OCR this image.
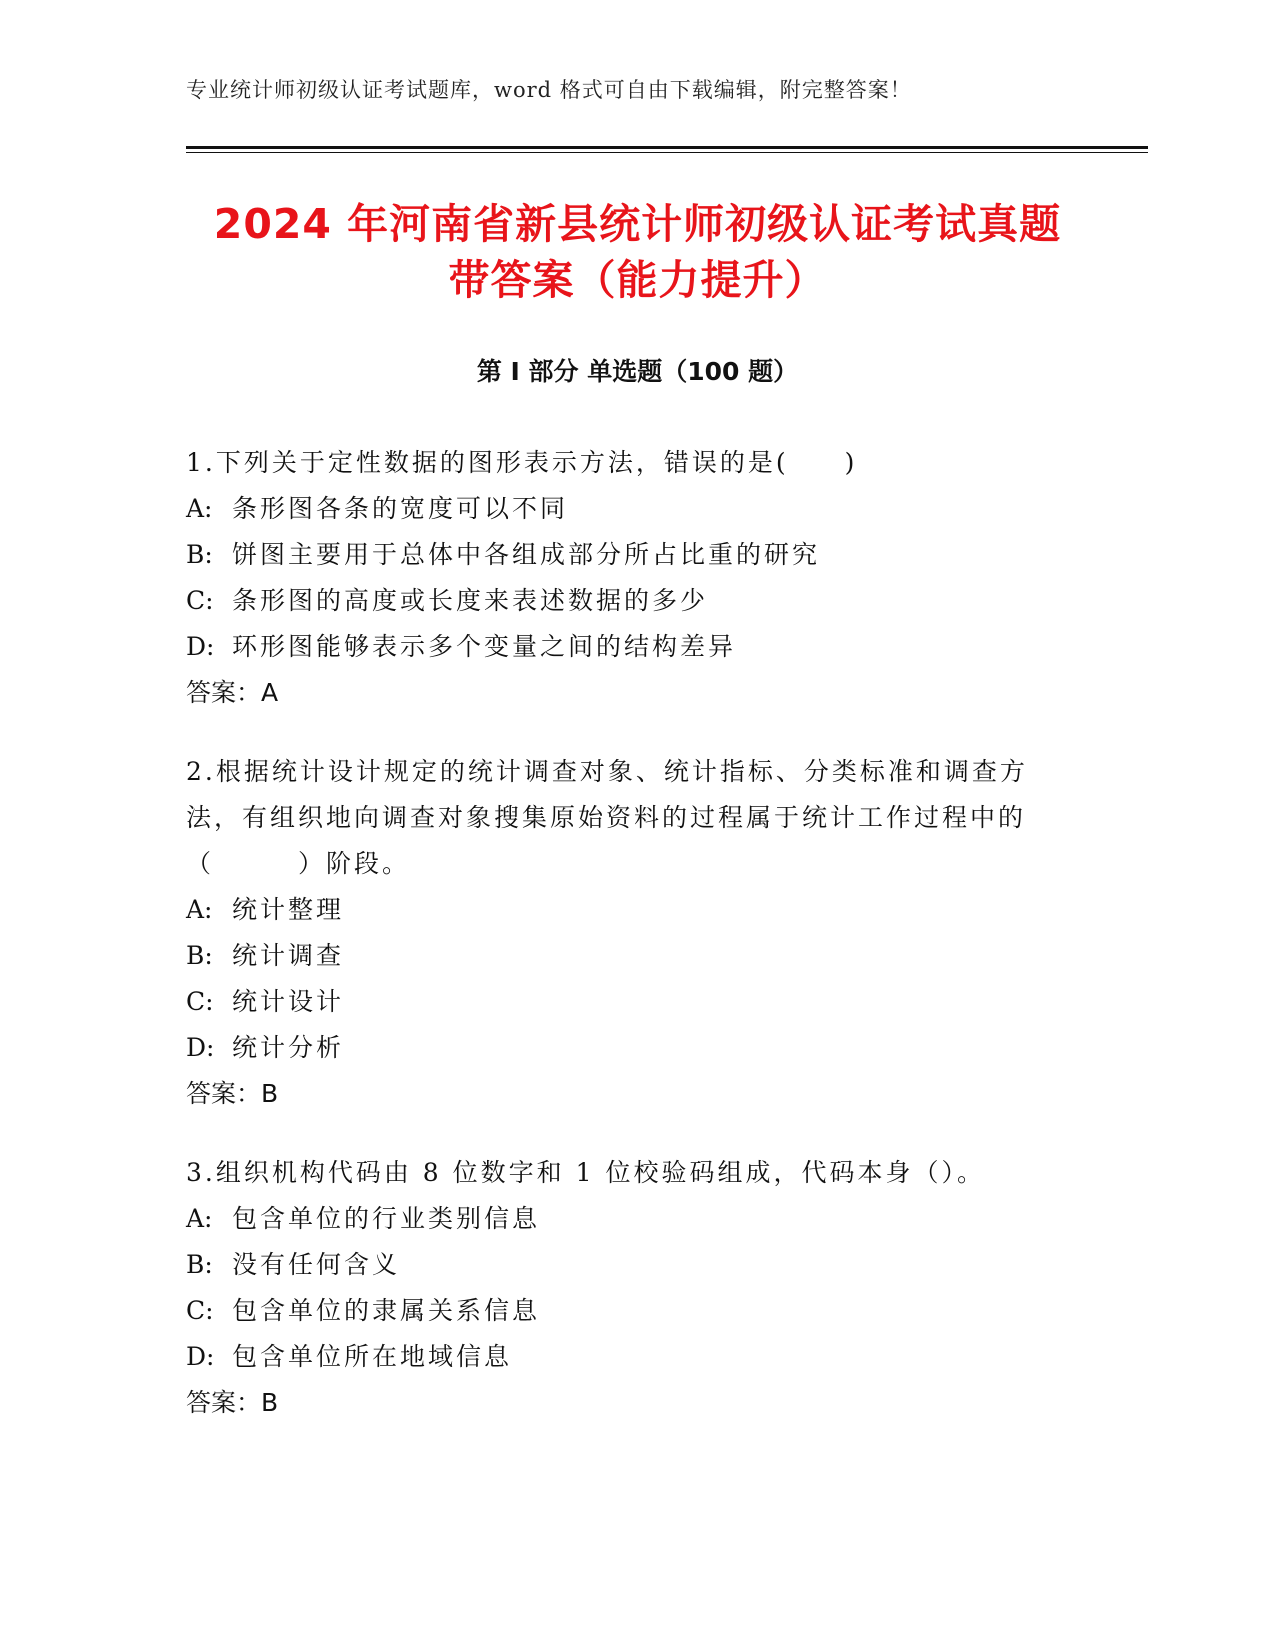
专业统计师初级认证考试题库，word 格式可自由下载编辑，附完整答案！
2024 年河南省新县统计师初级认证考试真题
带答案（能力提升）
第 I 部分 单选题（100 题）

1.下列关于定性数据的图形表示方法，错误的是(　　)

A: 条形图各条的宽度可以不同

B: 饼图主要用于总体中各组成部分所占比重的研究

C: 条形图的高度或长度来表述数据的多少

D: 环形图能够表示多个变量之间的结构差异

答案：A

2.根据统计设计规定的统计调查对象、统计指标、分类标准和调查方法，有组织地向调查对象搜集原始资料的过程属于统计工作过程中的（　　　）阶段。

A: 统计整理

B: 统计调查

C: 统计设计

D: 统计分析

答案：B

3.组织机构代码由 8 位数字和 1 位校验码组成，代码本身（）。

A: 包含单位的行业类别信息

B: 没有任何含义

C: 包含单位的隶属关系信息

D: 包含单位所在地域信息

答案：B
